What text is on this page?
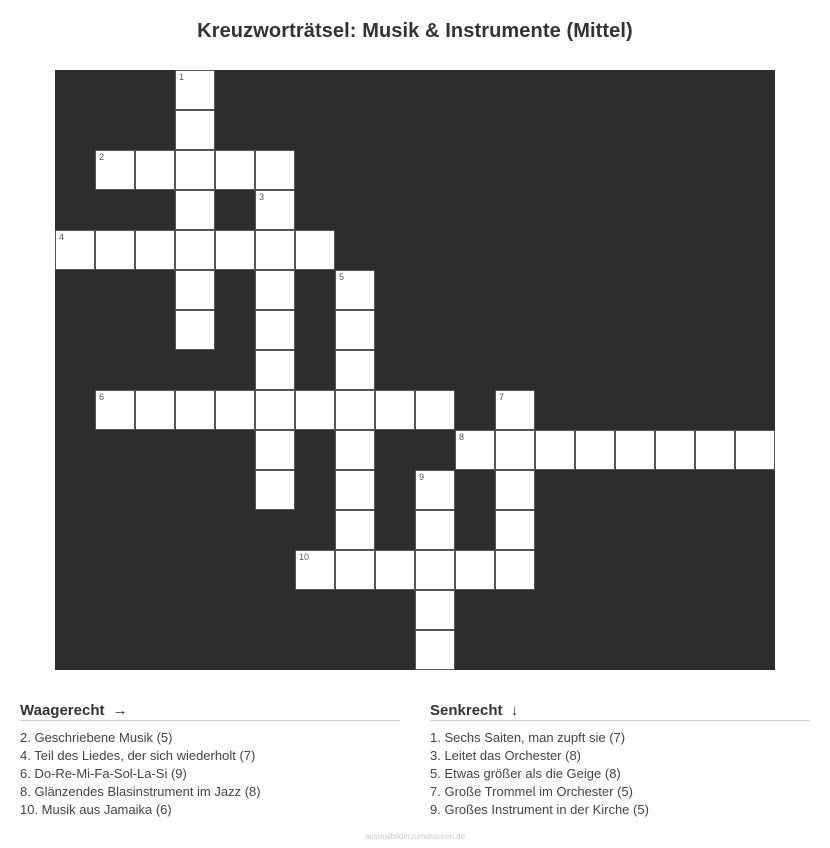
Kreuzworträtsel: Musik & Instrumente (Mittel)
1
2
3
4
5
6	7
8
9
10
Waagerecht →
2. Geschriebene Musik (5)
4. Teil des Liedes, der sich wiederholt (7)
6. Do-Re-Mi-Fa-Sol-La-Si (9)
8. Glänzendes Blasinstrument im Jazz (8)
10. Musik aus Jamaika (6)
Senkrecht ↓
1. Sechs Saiten, man zupft sie (7)
3. Leitet das Orchester (8)
5. Etwas größer als die Geige (8)
7. Große Trommel im Orchester (5)
9. Großes Instrument in der Kirche (5)
ausmalbilderzumdrucken.de
